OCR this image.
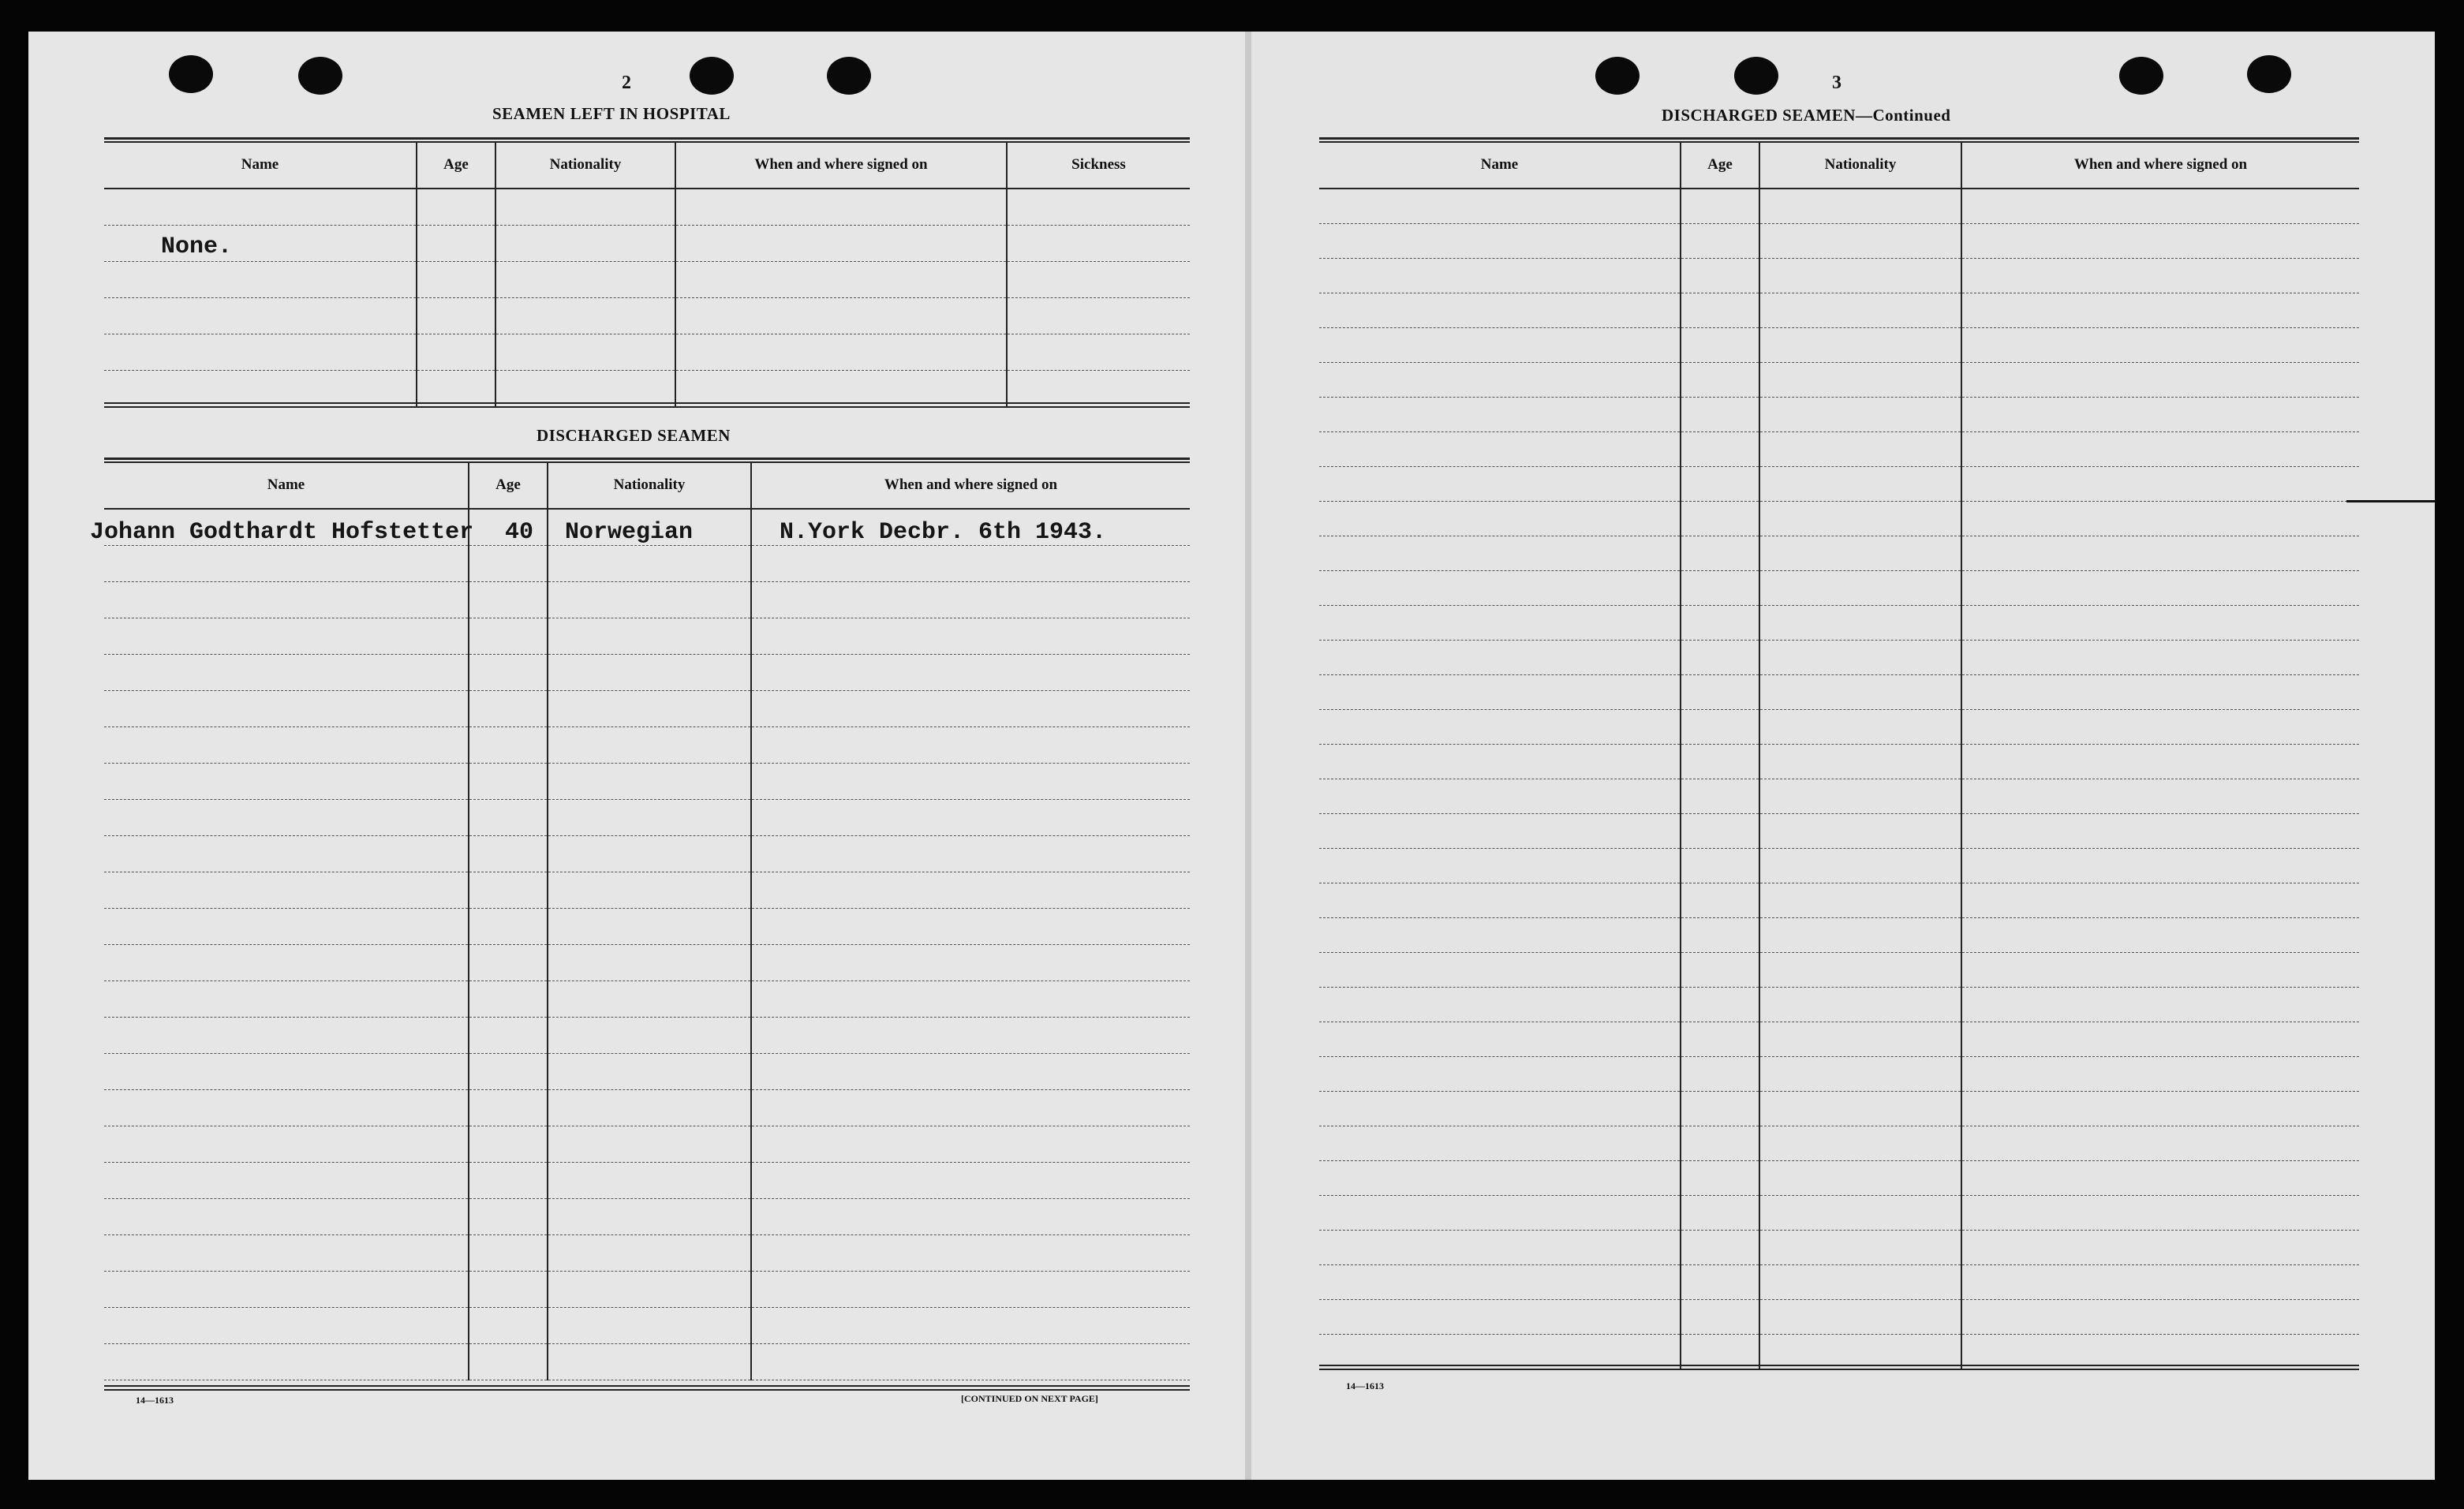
2
SEAMEN LEFT IN HOSPITAL
Name	Age	Nationality	When and where signed on	Sickness

None.
DISCHARGED SEAMEN
Name	Age	Nationality	When and where signed on

Johann Godthardt Hofstetter 40 Norwegian	N.York Decbr. 6th 1943.
14—1613	[CONTINUED ON NEXT PAGE]
3
DISCHARGED SEAMEN—Continued
Name	Age	Nationality	When and where signed on

14—1613
